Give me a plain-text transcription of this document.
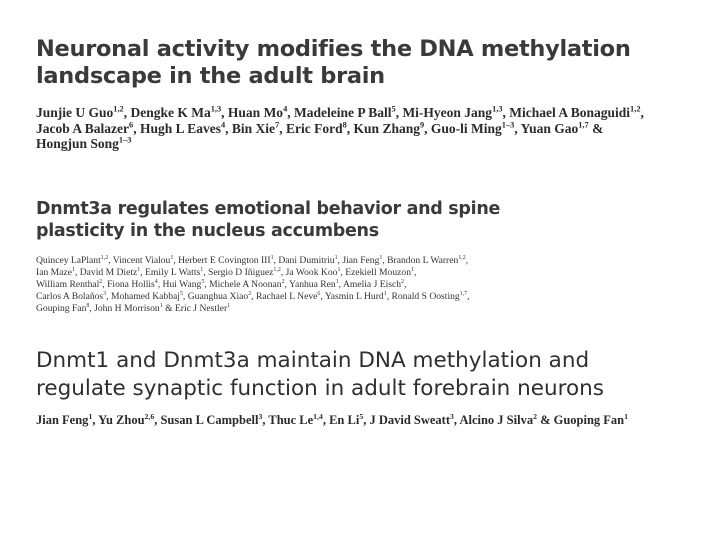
Neuronal activity modifies the DNA methylation
landscape in the adult brain

Junjie U Guo$^{1,2}$, Dengke K Ma$^{1,3}$, Huan Mo$^4$, Madeleine P Ball$^5$, Mi-Hyeon Jang$^{1,3}$, Michael A Bonaguidi$^{1,2}$,
Jacob A Balazer$^6$, Hugh L Eaves$^4$, Bin Xie$^7$, Eric Ford$^8$, Kun Zhang$^9$, Guo-li Ming$^{1-3}$, Yuan Gao$^{1,7}$ &
Hongjun Song$^{1-3}$

Dnmt3a regulates emotional behavior and spine
plasticity in the nucleus accumbens

Quincey LaPlant$^{1,2}$, Vincent Vialou$^1$, Herbert E Covington III$^1$, Dani Dumitriu$^1$, Jian Feng$^1$, Brandon L Warren$^{1,2}$,
Ian Maze$^1$, David M Dietz$^1$, Emily L Watts$^1$, Sergio D Iñiguez$^{1,2}$, Ja Wook Koo$^1$, Ezekiell Mouzon$^1$,
William Renthal$^2$, Fiona Hollis$^4$, Hui Wang$^5$, Michele A Noonan$^2$, Yanhua Ren$^1$, Amelia J Eisch$^2$,
Carlos A Bolaños$^3$, Mohamed Kabbaj$^5$, Guanghua Xiao$^2$, Rachael L Neve$^6$, Yasmin L Hurd$^1$, Ronald S Oosting$^{1,7}$,
Gouping Fan$^8$, John H Morrison$^1$ & Eric J Nestler$^1$

Dnmt1 and Dnmt3a maintain DNA methylation and
regulate synaptic function in adult forebrain neurons

Jian Feng$^1$, Yu Zhou$^{2,6}$, Susan L Campbell$^3$, Thuc Le$^{1,4}$, En Li$^5$, J David Sweatt$^3$, Alcino J Silva$^2$ & Guoping Fan$^1$
